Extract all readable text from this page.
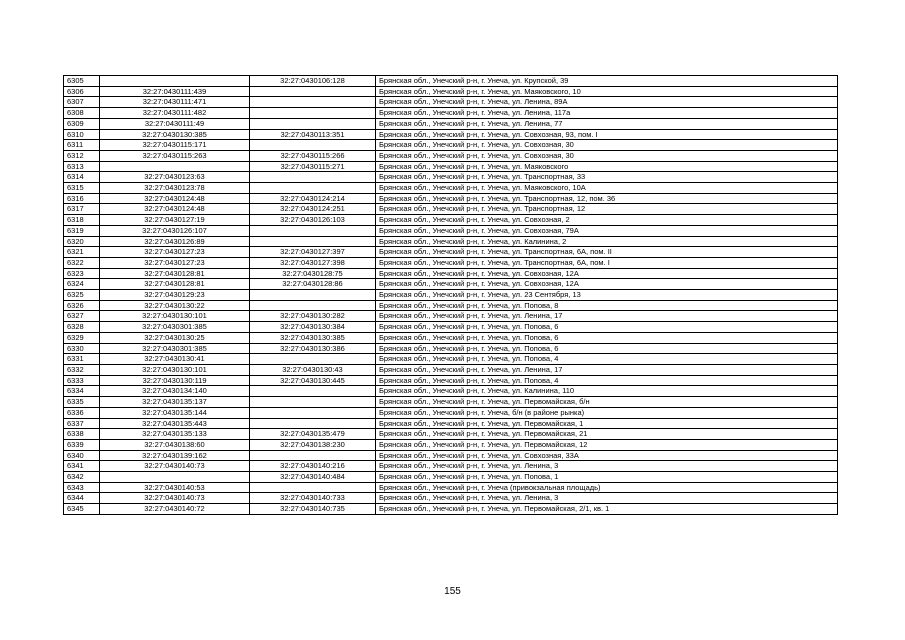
6305		32:27:0430106:128	Брянская обл., Унечский р-н, г. Унеча, ул. Крупской, 39
6306	32:27:0430111:439		Брянская обл., Унечский р-н, г. Унеча, ул. Маяковского, 10
6307	32:27:0430111:471		Брянская обл., Унечский р-н, г. Унеча, ул. Ленина, 89А
6308	32:27:0430111:482		Брянская обл., Унечский р-н, г. Унеча, ул. Ленина, 117а
6309	32:27:0430111:49		Брянская обл., Унечский р-н, г. Унеча, ул. Ленина, 77
6310	32:27:0430130:385	32:27:0430113:351	Брянская обл., Унечский р-н, г. Унеча, ул. Совхозная, 93, пом. I
6311	32:27:0430115:171		Брянская обл., Унечский р-н, г. Унеча, ул. Совхозная, 30
6312	32:27:0430115:263	32:27:0430115:266	Брянская обл., Унечский р-н, г. Унеча, ул. Совхозная, 30
6313		32:27:0430115:271	Брянская обл., Унечский р-н, г. Унеча, ул. Маяковского
6314	32:27:0430123:63		Брянская обл., Унечский р-н, г. Унеча, ул. Транспортная, 33
6315	32:27:0430123:78		Брянская обл., Унечский р-н, г. Унеча, ул. Маяковского, 10А
6316	32:27:0430124:48	32:27:0430124:214	Брянская обл., Унечский р-н, г. Унеча, ул. Транспортная, 12, пом. 36
6317	32:27:0430124:48	32:27:0430124:251	Брянская обл., Унечский р-н, г. Унеча, ул. Транспортная, 12
6318	32:27:0430127:19	32:27:0430126:103	Брянская обл., Унечский р-н, г. Унеча, ул. Совхозная, 2
6319	32:27:0430126:107		Брянская обл., Унечский р-н, г. Унеча, ул. Совхозная, 79А
6320	32:27:0430126:89		Брянская обл., Унечский р-н, г. Унеча, ул. Калинина, 2
6321	32:27:0430127:23	32:27:0430127:397	Брянская обл., Унечский р-н, г. Унеча, ул. Транспортная, 6А, пом. II
6322	32:27:0430127:23	32:27:0430127:398	Брянская обл., Унечский р-н, г. Унеча, ул. Транспортная, 6А, пом. I
6323	32:27:0430128:81	32:27:0430128:75	Брянская обл., Унечский р-н, г. Унеча, ул. Совхозная, 12А
6324	32:27:0430128:81	32:27:0430128:86	Брянская обл., Унечский р-н, г. Унеча, ул. Совхозная, 12А
6325	32:27:0430129:23		Брянская обл., Унечский р-н, г. Унеча, ул. 23 Сентября, 13
6326	32:27:0430130:22		Брянская обл., Унечский р-н, г. Унеча, ул. Попова, 8
6327	32:27:0430130:101	32:27:0430130:282	Брянская обл., Унечский р-н, г. Унеча, ул. Ленина, 17
6328	32:27:0430301:385	32:27:0430130:384	Брянская обл., Унечский р-н, г. Унеча, ул. Попова, 6
6329	32:27:0430130:25	32:27:0430130:385	Брянская обл., Унечский р-н, г. Унеча, ул. Попова, 6
6330	32:27:0430301:385	32:27:0430130:386	Брянская обл., Унечский р-н, г. Унеча, ул. Попова, 6
6331	32:27:0430130:41		Брянская обл., Унечский р-н, г. Унеча, ул. Попова, 4
6332	32:27:0430130:101	32:27:0430130:43	Брянская обл., Унечский р-н, г. Унеча, ул. Ленина, 17
6333	32:27:0430130:119	32:27:0430130:445	Брянская обл., Унечский р-н, г. Унеча, ул. Попова, 4
6334	32:27:0430134:140		Брянская обл., Унечский р-н, г. Унеча, ул. Калинина, 110
6335	32:27:0430135:137		Брянская обл., Унечский р-н, г. Унеча, ул. Первомайская, б/н
6336	32:27:0430135:144		Брянская обл., Унечский р-н, г. Унеча, б/н (в районе рынка)
6337	32:27:0430135:443		Брянская обл., Унечский р-н, г. Унеча, ул. Первомайская, 1
6338	32:27:0430135:133	32:27:0430135:479	Брянская обл., Унечский р-н, г. Унеча, ул. Первомайская, 21
6339	32:27:0430138:60	32:27:0430138:230	Брянская обл., Унечский р-н, г. Унеча, ул. Первомайская, 12
6340	32:27:0430139:162		Брянская обл., Унечский р-н, г. Унеча, ул. Совхозная, 33А
6341	32:27:0430140:73	32:27:0430140:216	Брянская обл., Унечский р-н, г. Унеча, ул. Ленина, 3
6342		32:27:0430140:484	Брянская обл., Унечский р-н, г. Унеча, ул. Попова, 1
6343	32:27:0430140:53		Брянская обл., Унечский р-н, г. Унеча (привокзальная площадь)
6344	32:27:0430140:73	32:27:0430140:733	Брянская обл., Унечский р-н, г. Унеча, ул. Ленина, 3
6345	32:27:0430140:72	32:27:0430140:735	Брянская обл., Унечский р-н, г. Унеча, ул. Первомайская, 2/1, кв. 1
155
